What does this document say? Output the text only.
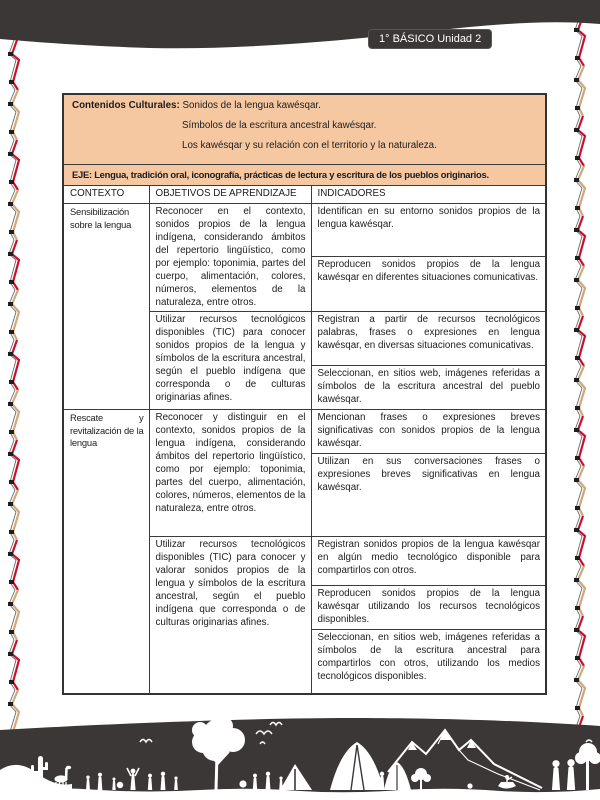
1° BÁSICO Unidad 2
Contenidos Culturales: Sonidos de la lengua kawésqar.
Símbolos de la escritura ancestral kawésqar.
Los kawésqar y su relación con el territorio y la naturaleza.		

EJE: Lengua, tradición oral, iconografía, prácticas de lectura y escritura de los pueblos originarios.		
CONTEXTO	OBJETIVOS DE APRENDIZAJE	INDICADORES
Sensibilización sobre la lengua	Reconocer en el contexto, sonidos propios de la lengua indígena, considerando ámbitos del repertorio lingüístico, como por ejemplo: toponimia, partes del cuerpo, alimentación, colores, números, elementos de la naturaleza, entre otros.	Identifican en su entorno sonidos propios de la lengua kawésqar.
		Reproducen sonidos propios de la lengua kawésqar en diferentes situaciones comunicativas.
	Utilizar recursos tecnológicos disponibles (TIC) para conocer sonidos propios de la lengua y símbolos de la escritura ancestral, según el pueblo indígena que corresponda o de culturas originarias afines.	Registran a partir de recursos tecnológicos palabras, frases o expresiones en lengua kawésqar, en diversas situaciones comunicativas.
		Seleccionan, en sitios web, imágenes referidas a símbolos de la escritura ancestral del pueblo kawésqar.
Rescate y revitalización de la lengua	Reconocer y distinguir en el contexto, sonidos propios de la lengua indígena, considerando ámbitos del repertorio lingüístico, como por ejemplo: toponimia, partes del cuerpo, alimentación, colores, números, elementos de la naturaleza, entre otros.	Mencionan frases o expresiones breves significativas con sonidos propios de la lengua kawésqar.
		Utilizan en sus conversaciones frases o expresiones breves significativas en lengua kawésqar.
	Utilizar recursos tecnológicos disponibles (TIC) para conocer y valorar sonidos propios de la lengua y símbolos de la escritura ancestral, según el pueblo indígena que corresponda o de culturas originarias afines.	Registran sonidos propios de la lengua kawésqar en algún medio tecnológico disponible para compartirlos con otros.
		Reproducen sonidos propios de la lengua kawésqar utilizando los recursos tecnológicos disponibles.
		Seleccionan, en sitios web, imágenes referidas a símbolos de la escritura ancestral para compartirlos con otros, utilizando los medios tecnológicos disponibles.
